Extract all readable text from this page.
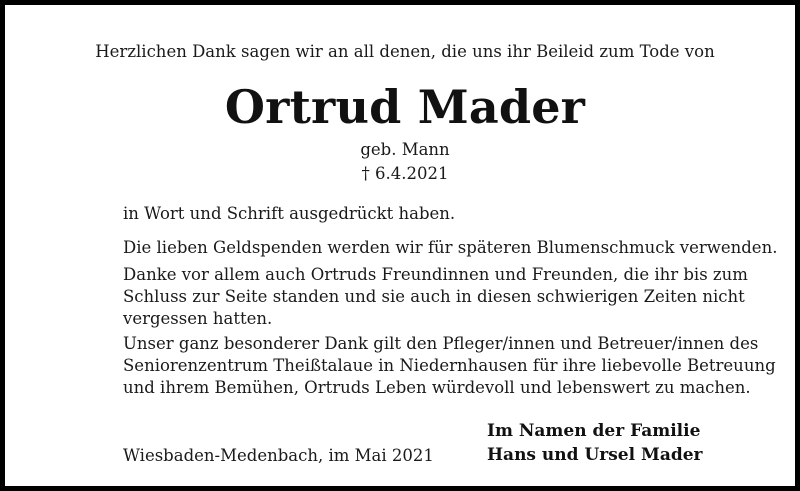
Herzlichen Dank sagen wir an all denen, die uns ihr Beileid zum Tode von
Ortrud Mader
geb. Mann
† 6.4.2021
in Wort und Schrift ausgedrückt haben.
Die lieben Geldspenden werden wir für späteren Blumenschmuck verwenden.
Danke vor allem auch Ortruds Freundinnen und Freunden, die ihr bis zum
Schluss zur Seite standen und sie auch in diesen schwierigen Zeiten nicht
vergessen hatten.
Unser ganz besonderer Dank gilt den Pfleger/innen und Betreuer/innen des
Seniorenzentrum Theißtalaue in Niedernhausen für ihre liebevolle Betreuung
und ihrem Bemühen, Ortruds Leben würdevoll und lebenswert zu machen.
Im Namen der Familie
Hans und Ursel Mader
Wiesbaden-Medenbach, im Mai 2021
